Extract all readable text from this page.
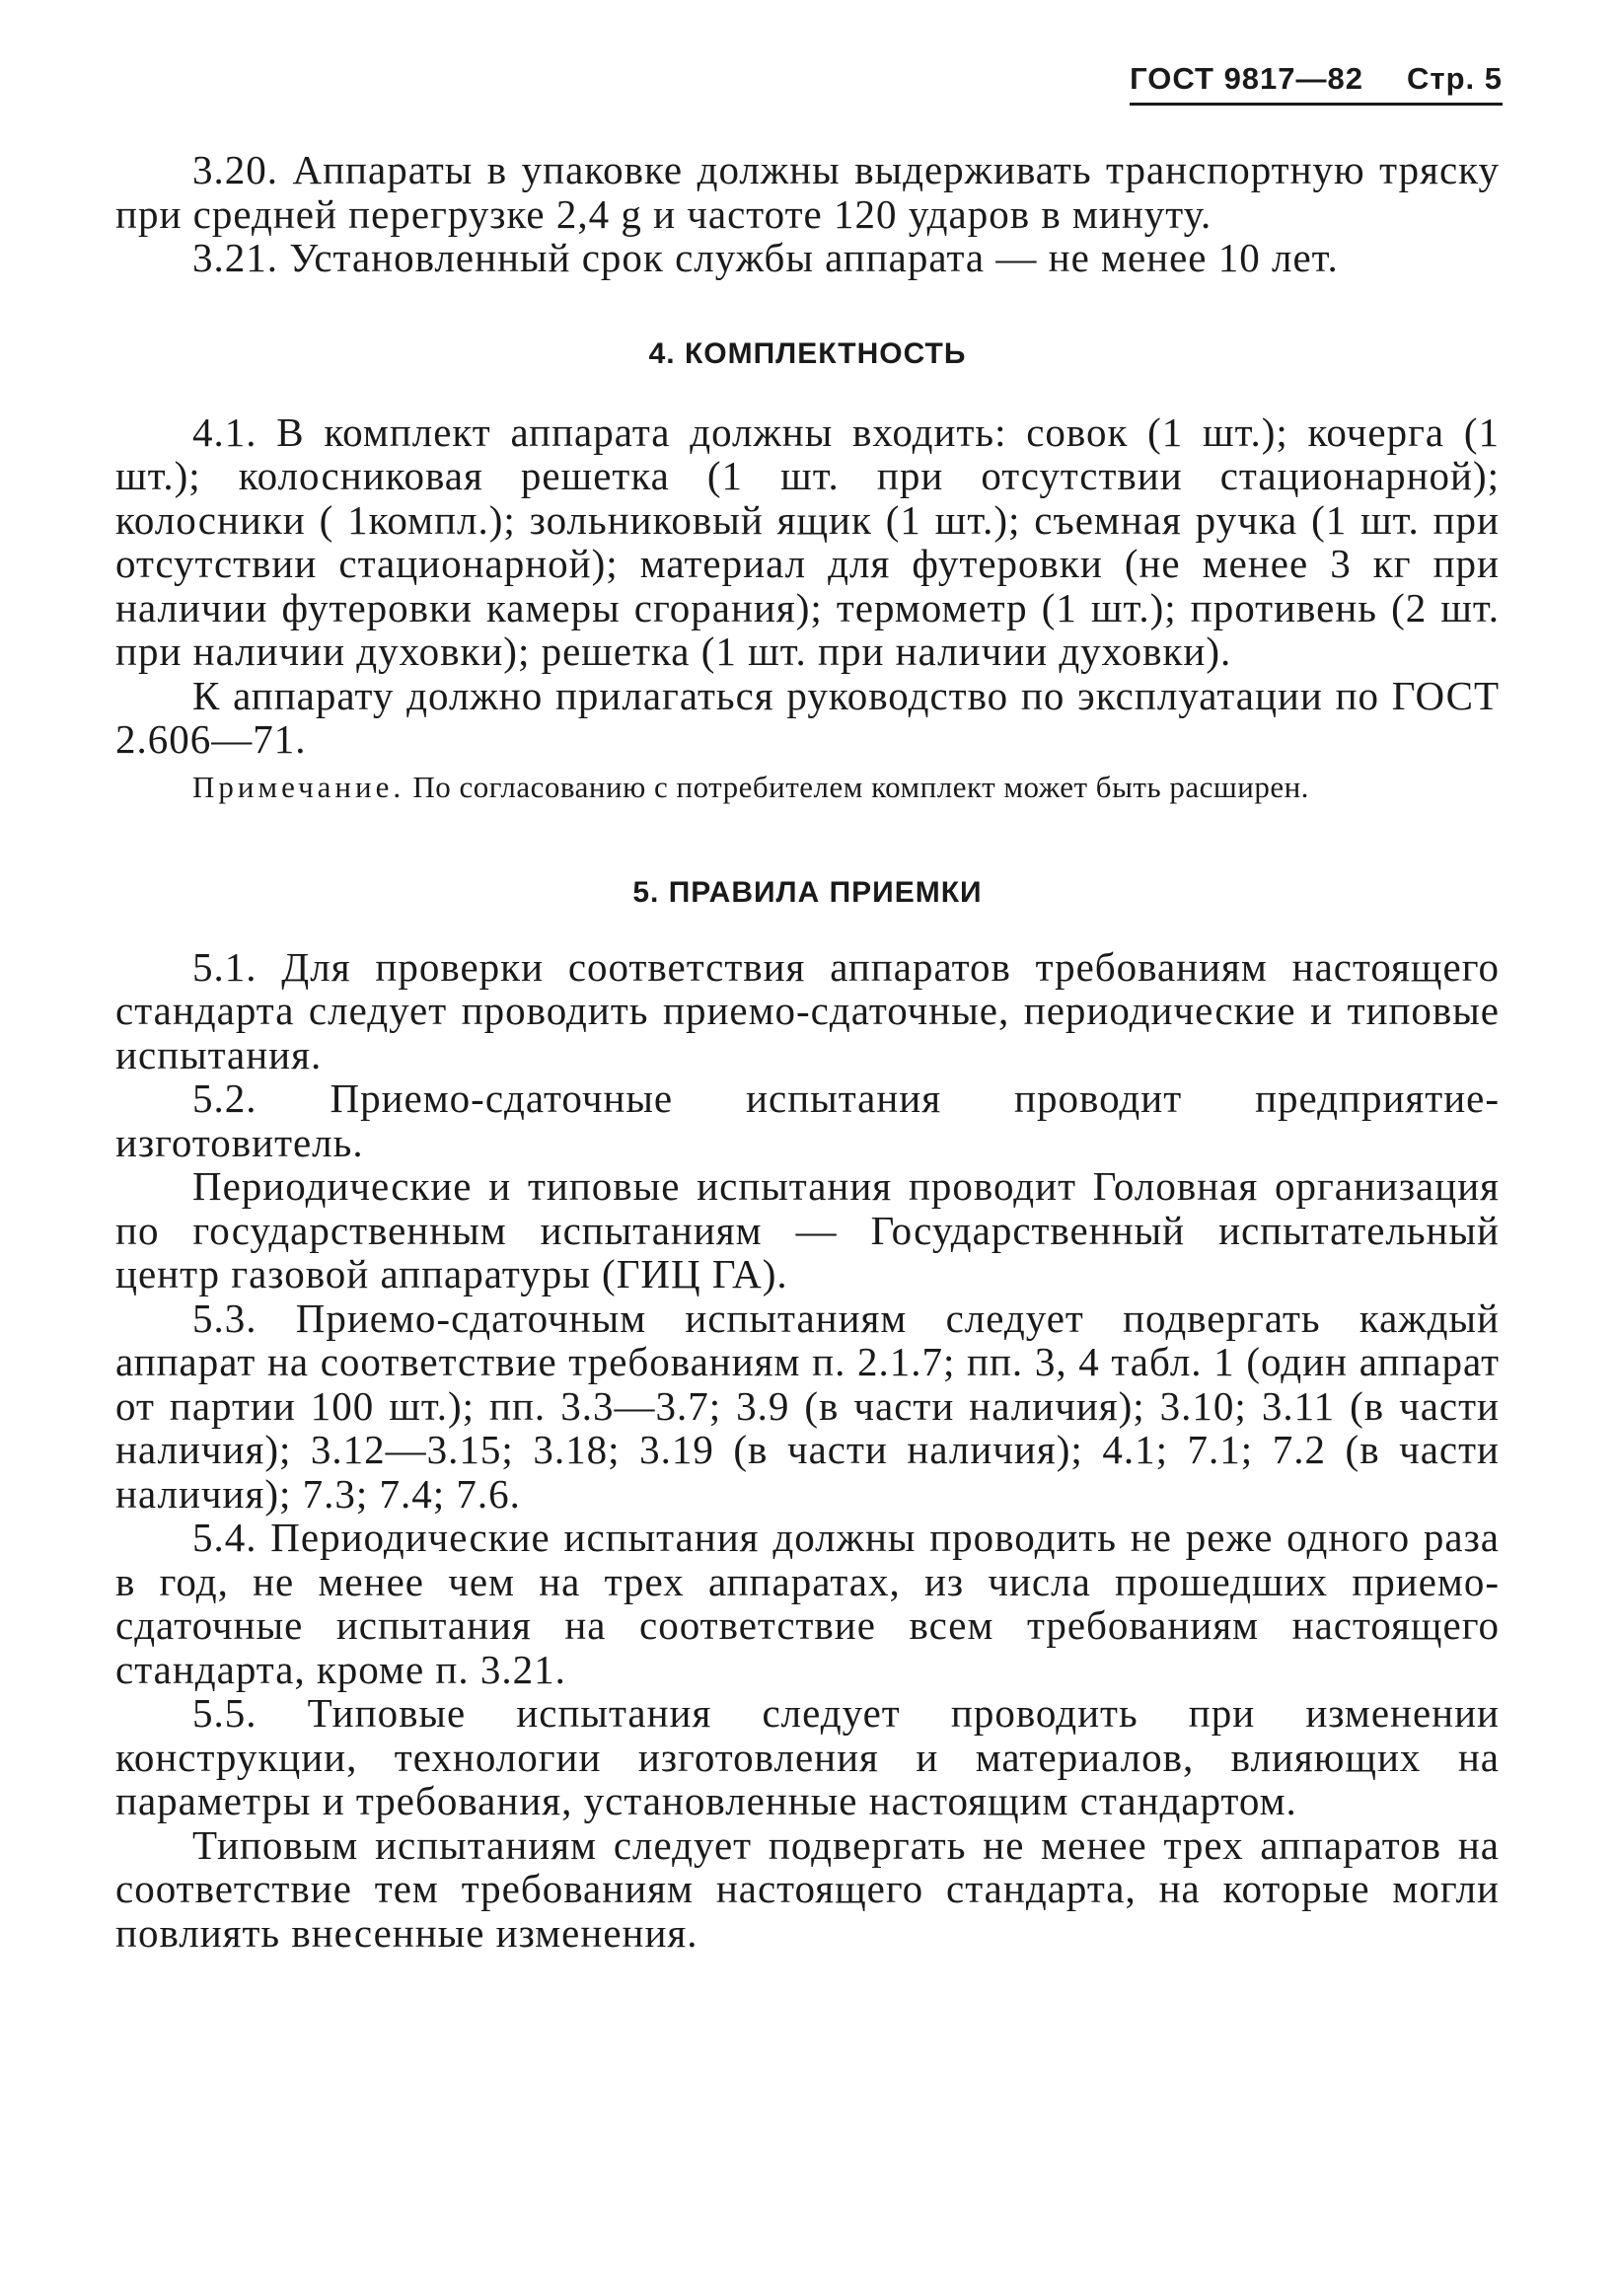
ГОСТ 9817—82 Стр. 5

3.20. Аппараты в упаковке должны выдерживать транспортную тряску при средней перегрузке 2,4 g и частоте 120 ударов в минуту.

3.21. Установленный срок службы аппарата — не менее 10 лет.

4. КОМПЛЕКТНОСТЬ

4.1. В комплект аппарата должны входить: совок (1 шт.); кочерга (1 шт.); колосниковая решетка (1 шт. при отсутствии стационарной); колосники ( 1компл.); зольниковый ящик (1 шт.); съемная ручка (1 шт. при отсутствии стационарной); материал для футеровки (не менее 3 кг при наличии футеровки камеры сгорания); термометр (1 шт.); противень (2 шт. при наличии духовки); решетка (1 шт. при наличии духовки).

К аппарату должно прилагаться руководство по эксплуатации по ГОСТ 2.606—71.

Примечание. По согласованию с потребителем комплект может быть расширен.

5. ПРАВИЛА ПРИЕМКИ

5.1. Для проверки соответствия аппаратов требованиям настоящего стандарта следует проводить приемо-сдаточные, периодические и типовые испытания.

5.2. Приемо-сдаточные испытания проводит предприятие-изготовитель.

Периодические и типовые испытания проводит Головная организация по государственным испытаниям — Государственный испытательный центр газовой аппаратуры (ГИЦ ГА).

5.3. Приемо-сдаточным испытаниям следует подвергать каждый аппарат на соответствие требованиям п. 2.1.7; пп. 3, 4 табл. 1 (один аппарат от партии 100 шт.); пп. 3.3—3.7; 3.9 (в части наличия); 3.10; 3.11 (в части наличия); 3.12—3.15; 3.18; 3.19 (в части наличия); 4.1; 7.1; 7.2 (в части наличия); 7.3; 7.4; 7.6.

5.4. Периодические испытания должны проводить не реже одного раза в год, не менее чем на трех аппаратах, из числа прошедших приемо-сдаточные испытания на соответствие всем требованиям настоящего стандарта, кроме п. 3.21.

5.5. Типовые испытания следует проводить при изменении конструкции, технологии изготовления и материалов, влияющих на параметры и требования, установленные настоящим стандартом.

Типовым испытаниям следует подвергать не менее трех аппаратов на соответствие тем требованиям настоящего стандарта, на которые могли повлиять внесенные изменения.
